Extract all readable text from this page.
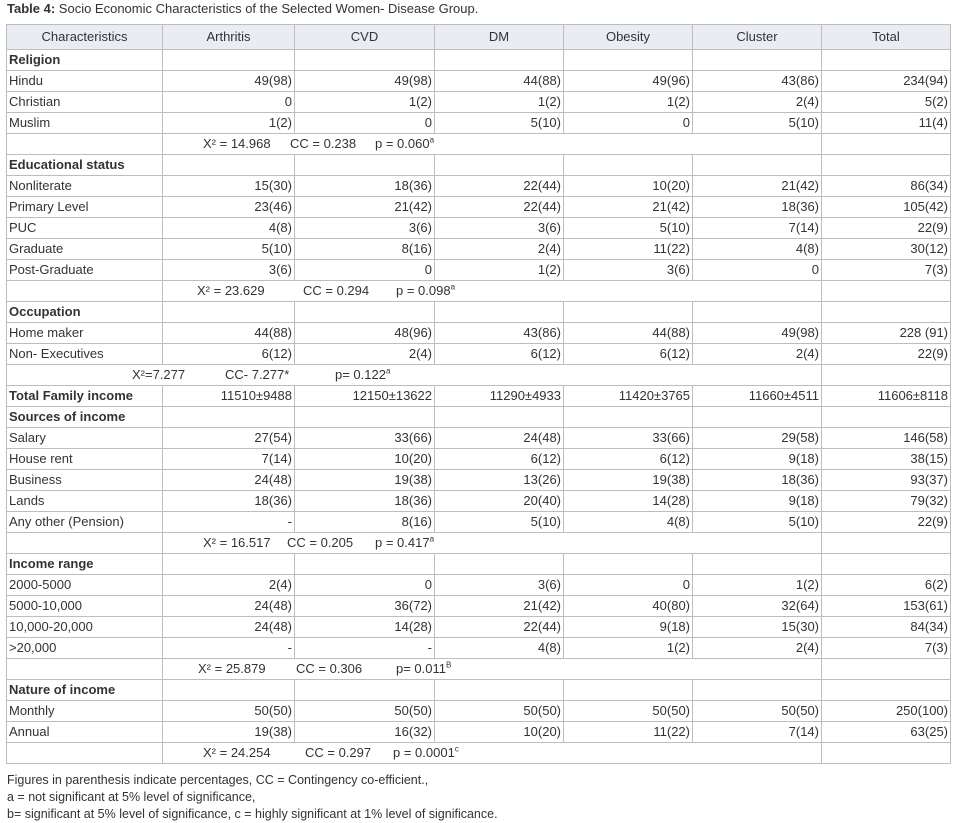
Table 4: Socio Economic Characteristics of the Selected Women- Disease Group.
Characteristics	Arthritis	CVD	DM	Obesity	Cluster	Total
Religion						
Hindu	49(98)	49(98)	44(88)	49(96)	43(86)	234(94)
Christian	0	1(2)	1(2)	1(2)	2(4)	5(2)
Muslim	1(2)	0	5(10)	0	5(10)	11(4)

	X² = 14.968 CC = 0.238 p = 0.060$^a$

Educational status						
Nonliterate	15(30)	18(36)	22(44)	10(20)	21(42)	86(34)
Primary Level	23(46)	21(42)	22(44)	21(42)	18(36)	105(42)
PUC	4(8)	3(6)	3(6)	5(10)	7(14)	22(9)
Graduate	5(10)	8(16)	2(4)	11(22)	4(8)	30(12)
Post-Graduate	3(6)	0	1(2)	3(6)	0	7(3)

	X² = 23.629 CC = 0.294 p = 0.098$^a$

Occupation						
Home maker	44(88)	48(96)	43(86)	44(88)	49(98)	228 (91)
Non- Executives	6(12)	2(4)	6(12)	6(12)	2(4)	22(9)

X²=7.277 CC- 7.277* p= 0.122$^a$

Total Family income	11510±9488	12150±13622	11290±4933	11420±3765	11660±4511	11606±8118
Sources of income						
Salary	27(54)	33(66)	24(48)	33(66)	29(58)	146(58)
House rent	7(14)	10(20)	6(12)	6(12)	9(18)	38(15)
Business	24(48)	19(38)	13(26)	19(38)	18(36)	93(37)
Lands	18(36)	18(36)	20(40)	14(28)	9(18)	79(32)
Any other (Pension)	-	8(16)	5(10)	4(8)	5(10)	22(9)

	X² = 16.517 CC = 0.205 p = 0.417$^a$

Income range						
2000-5000	2(4)	0	3(6)	0	1(2)	6(2)
5000-10,000	24(48)	36(72)	21(42)	40(80)	32(64)	153(61)
10,000-20,000	24(48)	14(28)	22(44)	9(18)	15(30)	84(34)
>20,000	-	-	4(8)	1(2)	2(4)	7(3)

	X² = 25.879 CC = 0.306 $p= 0.011^B$

Nature of income						
Monthly	50(50)	50(50)	50(50)	50(50)	50(50)	250(100)
Annual	19(38)	16(32)	10(20)	11(22)	7(14)	63(25)

	X² = 24.254 CC = 0.297 p = 0.0001$^c$

Figures in parenthesis indicate percentages, CC = Contingency co-efficient.,
a = not significant at 5% level of significance,
b= significant at 5% level of significance, c = highly significant at 1% level of significance.
